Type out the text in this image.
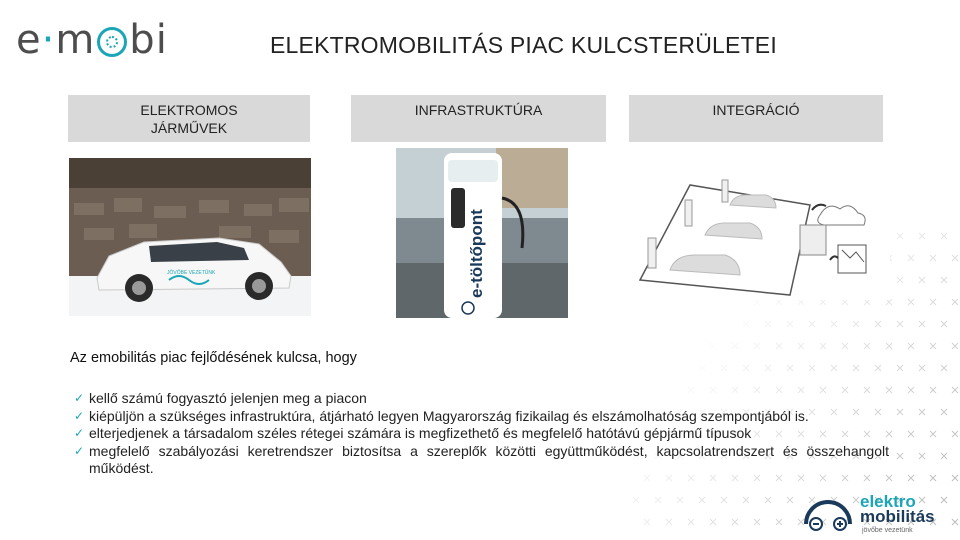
e·m bi	ELEKTROMOBILITÁS PIAC KULCSTERÜLETEI
ELEKTROMOS
JÁRMŰVEK
INFRASTRUKTÚRA	INTEGRÁCIÓ
JÖVŐBE VEZETÜNK	e-töltőpont
Az emobilitás piac fejlődésének kulcsa, hogy
✓ kellő számú fogyasztó jelenjen meg a piacon
✓ kiépüljön a szükséges infrastruktúra, átjárható legyen Magyarország fizikailag és elszámolhatóság szempontjából is.
✓ elterjedjenek a társadalom széles rétegei számára is megfizethető és megfelelő hatótávú gépjármű típusok
✓ megfelelő szabályozási keretrendszer biztosítsa a szereplők közötti együttműködést, kapcsolatrendszert és összehangolt működést.
elektro
mobilitás
jövőbe vezetünk
